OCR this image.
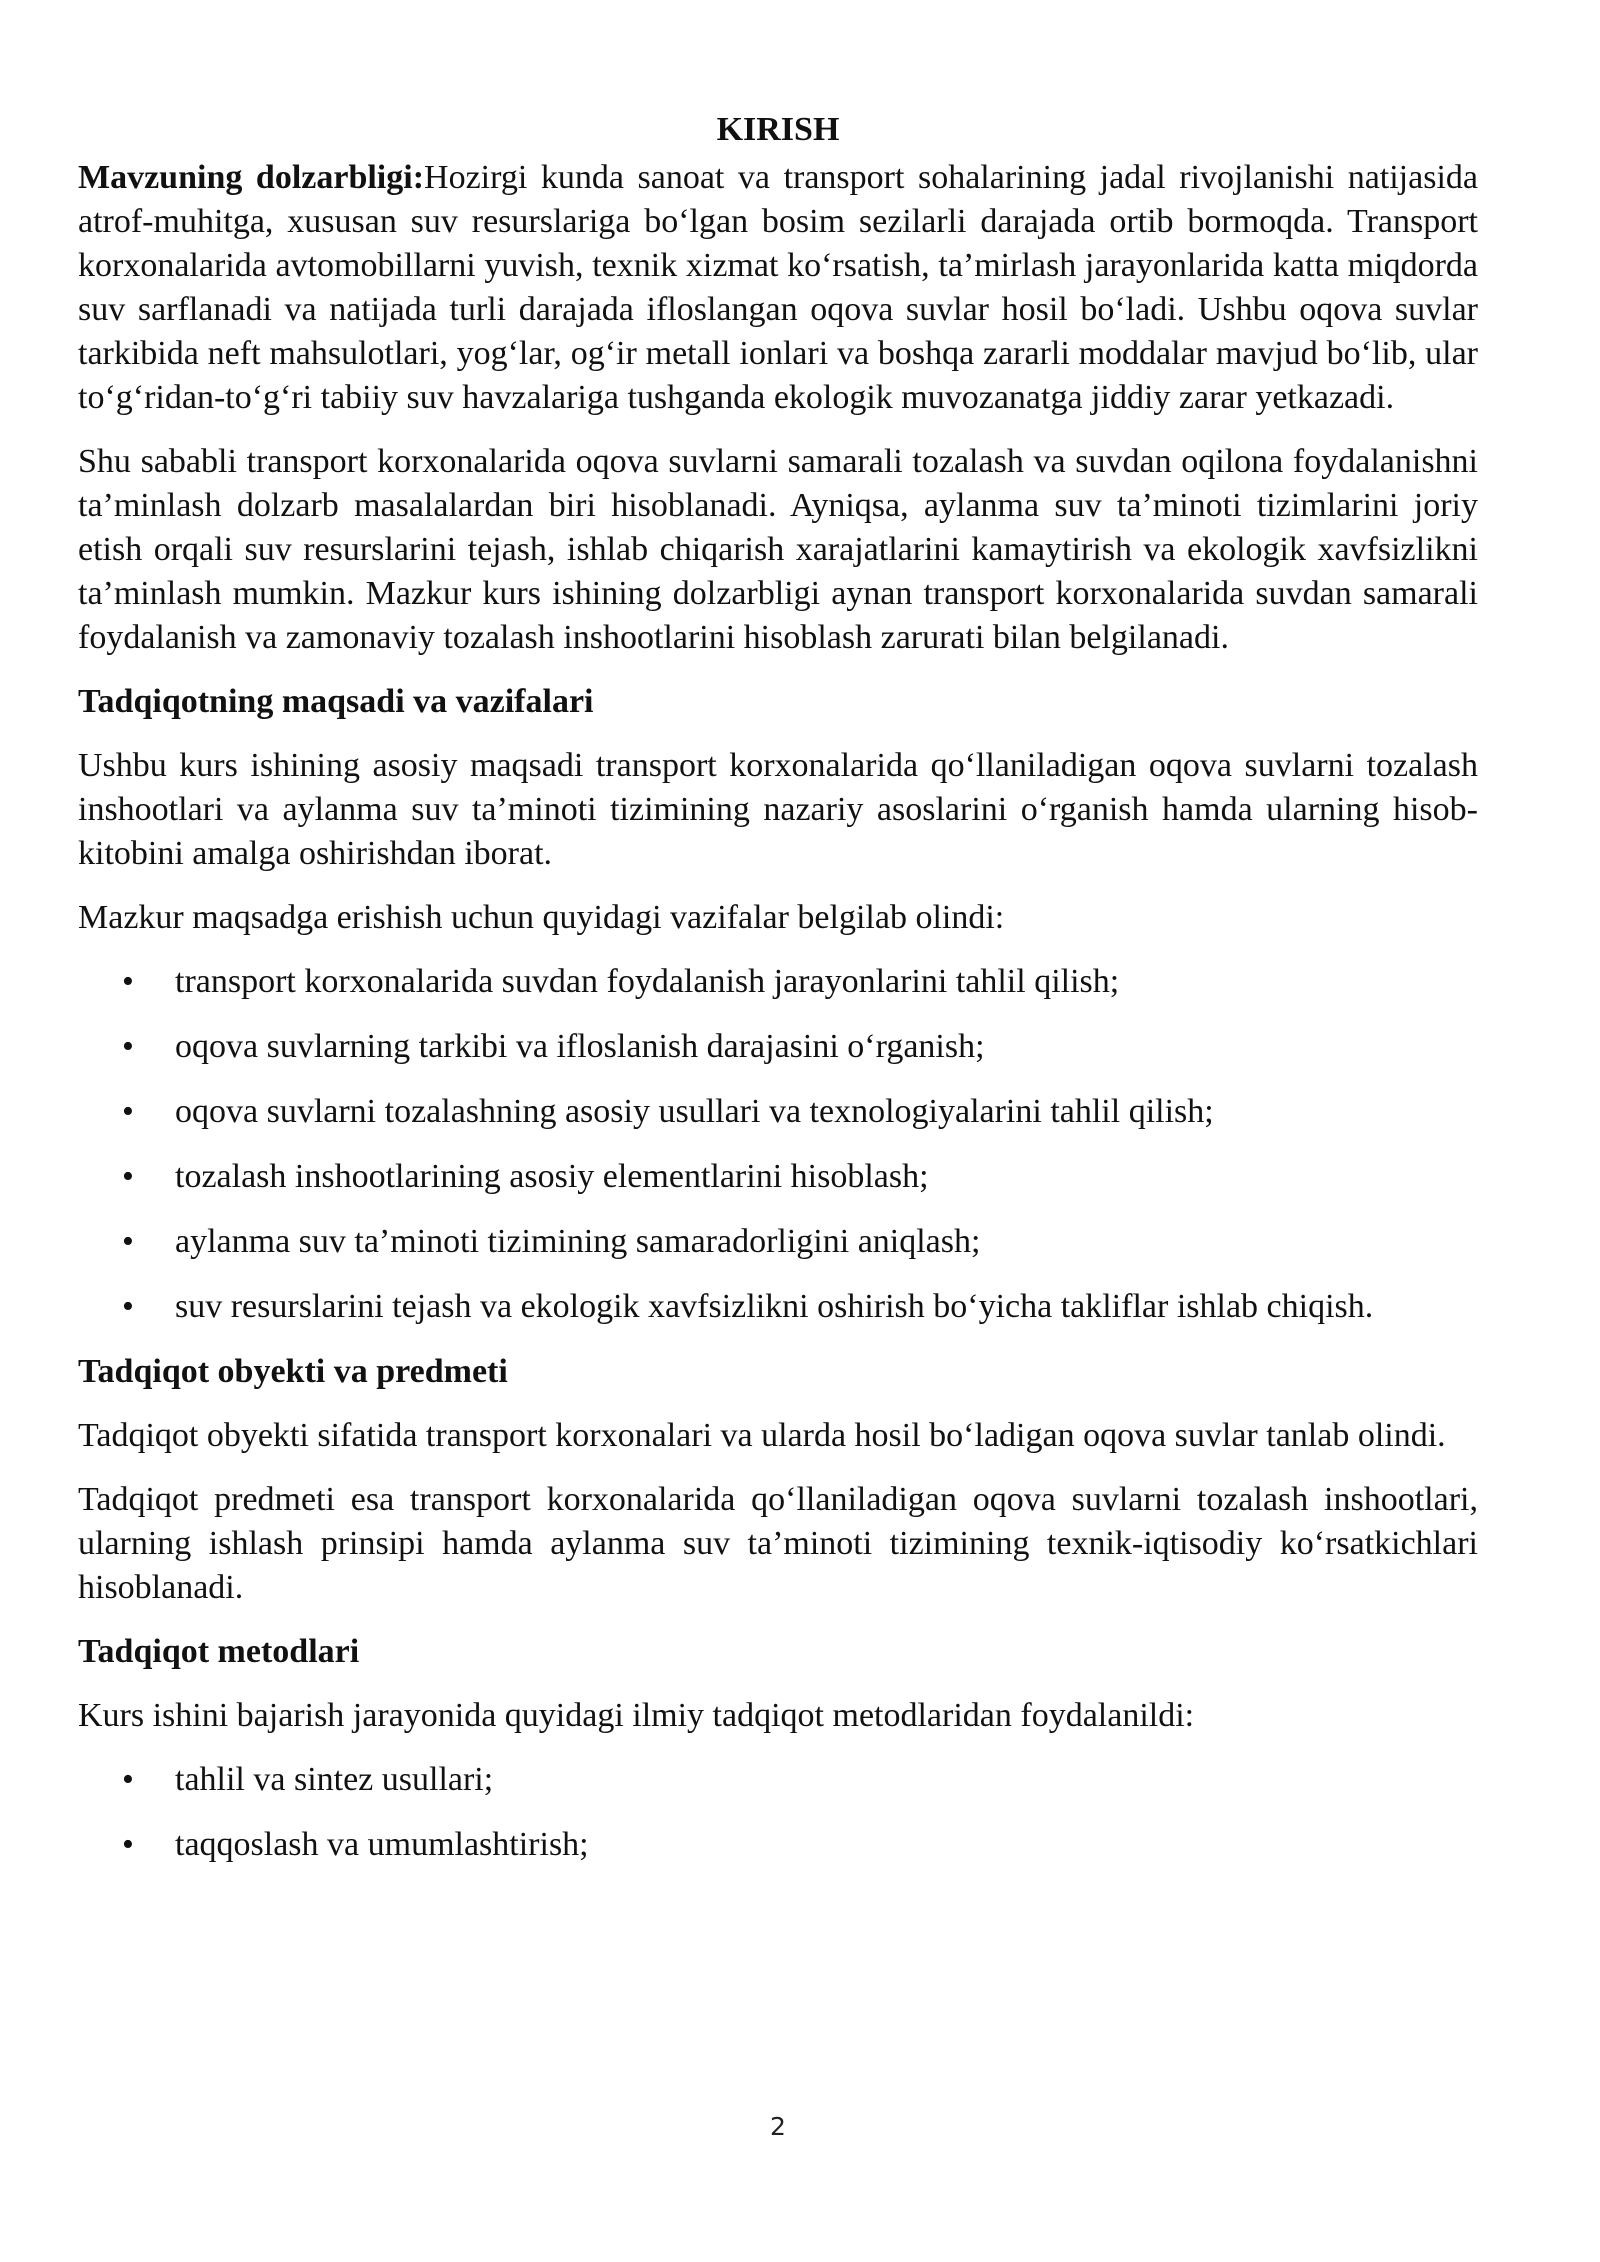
KIRISH

Mavzuning dolzarbligi:Hozirgi kunda sanoat va transport sohalarining jadal rivojlanishi natijasida atrof-muhitga, xususan suv resurslariga bo‘lgan bosim sezilarli darajada ortib bormoqda. Transport korxonalarida avtomobillarni yuvish, texnik xizmat ko‘rsatish, ta’mirlash jarayonlarida katta miqdorda suv sarflanadi va natijada turli darajada ifloslangan oqova suvlar hosil bo‘ladi. Ushbu oqova suvlar tarkibida neft mahsulotlari, yog‘lar, og‘ir metall ionlari va boshqa zararli moddalar mavjud bo‘lib, ular to‘g‘ridan-to‘g‘ri tabiiy suv havzalariga tushganda ekologik muvozanatga jiddiy zarar yetkazadi.

Shu sababli transport korxonalarida oqova suvlarni samarali tozalash va suvdan oqilona foydalanishni ta’minlash dolzarb masalalardan biri hisoblanadi. Ayniqsa, aylanma suv ta’minoti tizimlarini joriy etish orqali suv resurslarini tejash, ishlab chiqarish xarajatlarini kamaytirish va ekologik xavfsizlikni ta’minlash mumkin. Mazkur kurs ishining dolzarbligi aynan transport korxonalarida suvdan samarali foydalanish va zamonaviy tozalash inshootlarini hisoblash zarurati bilan belgilanadi.

Tadqiqotning maqsadi va vazifalari

Ushbu kurs ishining asosiy maqsadi transport korxonalarida qo‘llaniladigan oqova suvlarni tozalash inshootlari va aylanma suv ta’minoti tizimining nazariy asoslarini o‘rganish hamda ularning hisob-kitobini amalga oshirishdan iborat.

Mazkur maqsadga erishish uchun quyidagi vazifalar belgilab olindi:

• transport korxonalarida suvdan foydalanish jarayonlarini tahlil qilish;
• oqova suvlarning tarkibi va ifloslanish darajasini o‘rganish;
• oqova suvlarni tozalashning asosiy usullari va texnologiyalarini tahlil qilish;
• tozalash inshootlarining asosiy elementlarini hisoblash;
• aylanma suv ta’minoti tizimining samaradorligini aniqlash;
• suv resurslarini tejash va ekologik xavfsizlikni oshirish bo‘yicha takliflar ishlab chiqish.
Tadqiqot obyekti va predmeti

Tadqiqot obyekti sifatida transport korxonalari va ularda hosil bo‘ladigan oqova suvlar tanlab olindi.

Tadqiqot predmeti esa transport korxonalarida qo‘llaniladigan oqova suvlarni tozalash inshootlari, ularning ishlash prinsipi hamda aylanma suv ta’minoti tizimining texnik-iqtisodiy ko‘rsatkichlari hisoblanadi.

Tadqiqot metodlari

Kurs ishini bajarish jarayonida quyidagi ilmiy tadqiqot metodlaridan foydalanildi:

• tahlil va sintez usullari;
• taqqoslash va umumlashtirish;
2
